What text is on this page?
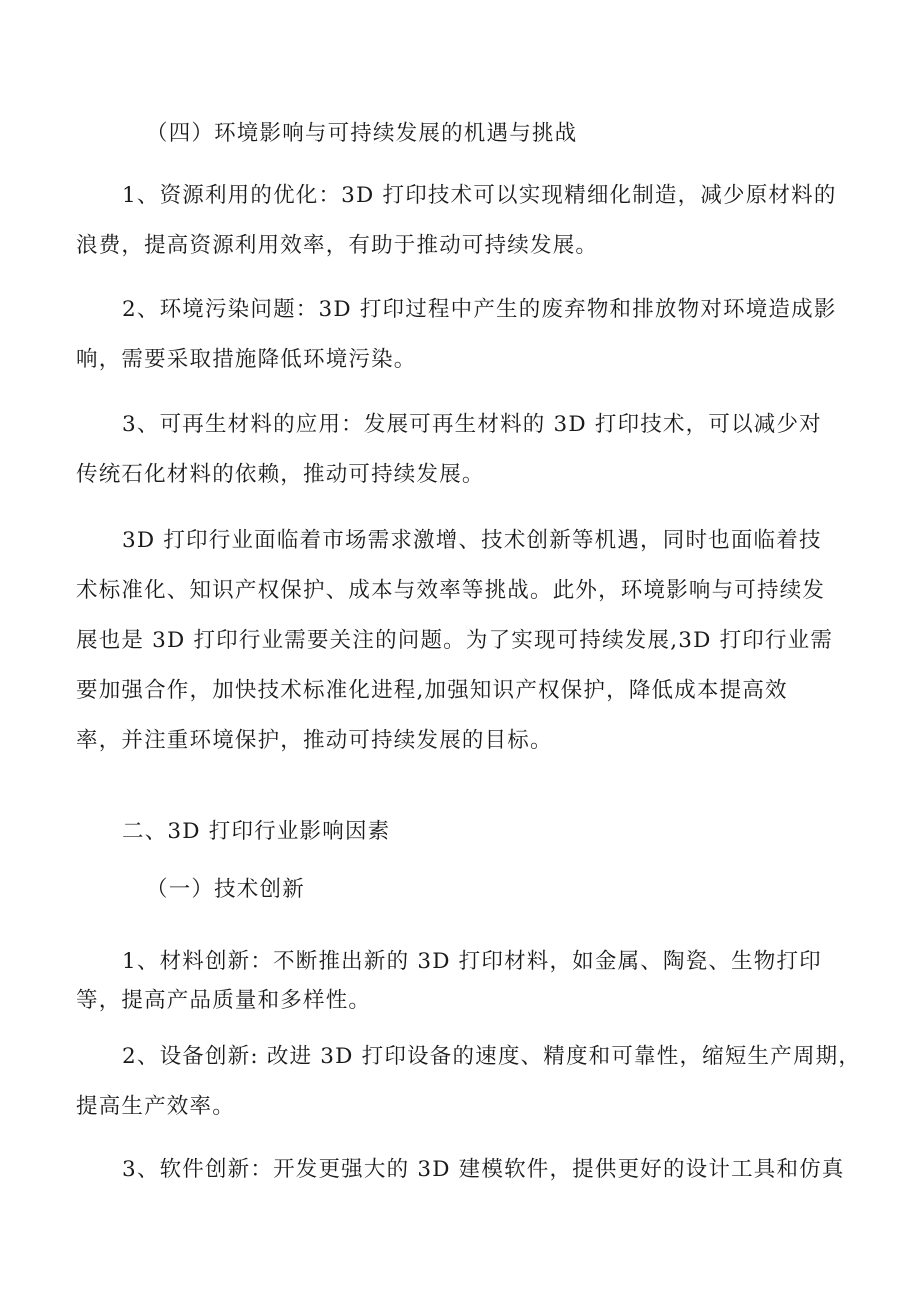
（四）环境影响与可持续发展的机遇与挑战

1、资源利用的优化：3D 打印技术可以实现精细化制造，减少原材料的
浪费，提高资源利用效率，有助于推动可持续发展。

2、环境污染问题：3D 打印过程中产生的废弃物和排放物对环境造成影
响，需要采取措施降低环境污染。

3、可再生材料的应用：发展可再生材料的 3D 打印技术，可以减少对
传统石化材料的依赖，推动可持续发展。

3D 打印行业面临着市场需求激增、技术创新等机遇，同时也面临着技
术标准化、知识产权保护、成本与效率等挑战。此外，环境影响与可持续发
展也是 3D 打印行业需要关注的问题。为了实现可持续发展,3D 打印行业需
要加强合作，加快技术标准化进程,加强知识产权保护，降低成本提高效
率，并注重环境保护，推动可持续发展的目标。

二、3D 打印行业影响因素

（一）技术创新

1、材料创新：不断推出新的 3D 打印材料，如金属、陶瓷、生物打印
等，提高产品质量和多样性。

2、设备创新: 改进 3D 打印设备的速度、精度和可靠性，缩短生产周期，
提高生产效率。

3、软件创新：开发更强大的 3D 建模软件，提供更好的设计工具和仿真
